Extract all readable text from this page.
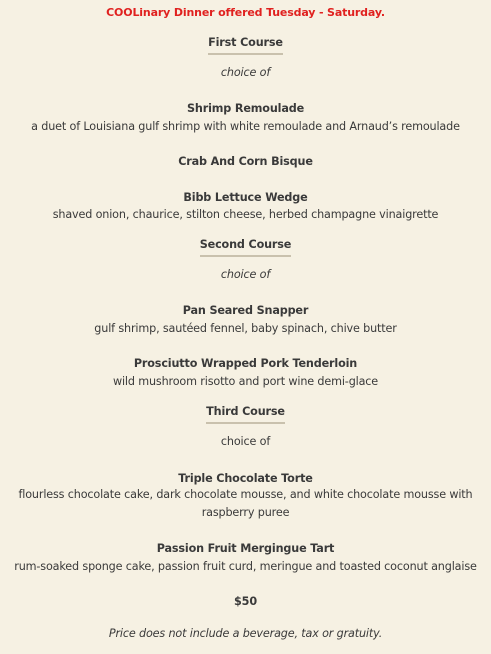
COOLinary Dinner offered Tuesday - Saturday.
First Course
choice of
Shrimp Remoulade
a duet of Louisiana gulf shrimp with white remoulade and Arnaud’s remoulade
Crab And Corn Bisque
Bibb Lettuce Wedge
shaved onion, chaurice, stilton cheese, herbed champagne vinaigrette
Second Course
choice of
Pan Seared Snapper
gulf shrimp, sautéed fennel, baby spinach, chive butter
Prosciutto Wrapped Pork Tenderloin
wild mushroom risotto and port wine demi-glace
Third Course
choice of
Triple Chocolate Torte
flourless chocolate cake, dark chocolate mousse, and white chocolate mousse with raspberry puree
Passion Fruit Mergingue Tart
rum-soaked sponge cake, passion fruit curd, meringue and toasted coconut anglaise
$50
Price does not include a beverage, tax or gratuity.
